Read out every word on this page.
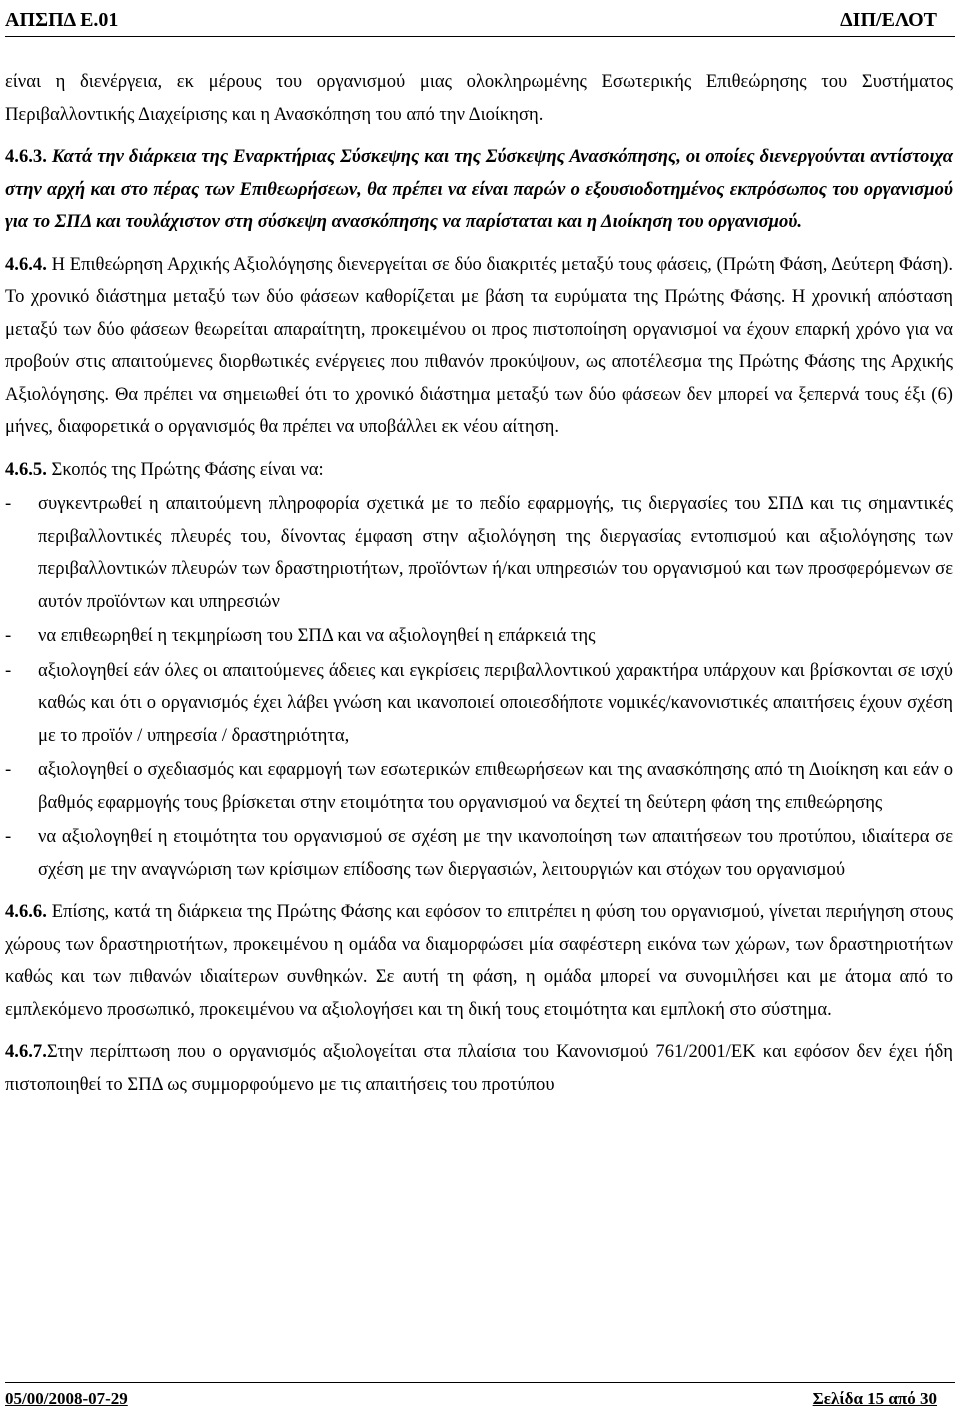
ΑΠΣΠΔ Ε.01	ΔΙΠ/ΕΛΟΤ

είναι η διενέργεια, εκ μέρους του οργανισμού μιας ολοκληρωμένης Εσωτερικής Επιθεώρησης του Συστήματος Περιβαλλοντικής Διαχείρισης και η Ανασκόπηση του από την Διοίκηση.

4.6.3. Κατά την διάρκεια της Εναρκτήριας Σύσκεψης και της Σύσκεψης Ανασκόπησης, οι οποίες διενεργούνται αντίστοιχα στην αρχή και στο πέρας των Επιθεωρήσεων, θα πρέπει να είναι παρών ο εξουσιοδοτημένος εκπρόσωπος του οργανισμού για το ΣΠΔ και τουλάχιστον στη σύσκεψη ανασκόπησης να παρίσταται και η Διοίκηση του οργανισμού.

4.6.4. Η Επιθεώρηση Αρχικής Αξιολόγησης διενεργείται σε δύο διακριτές μεταξύ τους φάσεις, (Πρώτη Φάση, Δεύτερη Φάση). Το χρονικό διάστημα μεταξύ των δύο φάσεων καθορίζεται με βάση τα ευρύματα της Πρώτης Φάσης. Η χρονική απόσταση μεταξύ των δύο φάσεων θεωρείται απαραίτητη, προκειμένου οι προς πιστοποίηση οργανισμοί να έχουν επαρκή χρόνο για να προβούν στις απαιτούμενες διορθωτικές ενέργειες που πιθανόν προκύψουν, ως αποτέλεσμα της Πρώτης Φάσης της Αρχικής Αξιολόγησης. Θα πρέπει να σημειωθεί ότι το χρονικό διάστημα μεταξύ των δύο φάσεων δεν μπορεί να ξεπερνά τους έξι (6) μήνες, διαφορετικά ο οργανισμός θα πρέπει να υποβάλλει εκ νέου αίτηση.

4.6.5. Σκοπός της Πρώτης Φάσης είναι να:

-	συγκεντρωθεί η απαιτούμενη πληροφορία σχετικά με το πεδίο εφαρμογής, τις διεργασίες του ΣΠΔ και τις σημαντικές περιβαλλοντικές πλευρές του, δίνοντας έμφαση στην αξιολόγηση της διεργασίας εντοπισμού και αξιολόγησης των περιβαλλοντικών πλευρών των δραστηριοτήτων, προϊόντων ή/και υπηρεσιών του οργανισμού και των προσφερόμενων σε αυτόν προϊόντων και υπηρεσιών
-	να επιθεωρηθεί η τεκμηρίωση του ΣΠΔ και να αξιολογηθεί η επάρκειά της
-	αξιολογηθεί εάν όλες οι απαιτούμενες άδειες και εγκρίσεις περιβαλλοντικού χαρακτήρα υπάρχουν και βρίσκονται σε ισχύ καθώς και ότι ο οργανισμός έχει λάβει γνώση και ικανοποιεί οποιεσδήποτε νομικές/κανονιστικές απαιτήσεις έχουν σχέση με το προϊόν / υπηρεσία / δραστηριότητα,
-	αξιολογηθεί ο σχεδιασμός και εφαρμογή των εσωτερικών επιθεωρήσεων και της ανασκόπησης από τη Διοίκηση και εάν ο βαθμός εφαρμογής τους βρίσκεται στην ετοιμότητα του οργανισμού να δεχτεί τη δεύτερη φάση της επιθεώρησης
-	να αξιολογηθεί η ετοιμότητα του οργανισμού σε σχέση με την ικανοποίηση των απαιτήσεων του προτύπου, ιδιαίτερα σε σχέση με την αναγνώριση των κρίσιμων επίδοσης των διεργασιών, λειτουργιών και στόχων του οργανισμού

4.6.6. Επίσης, κατά τη διάρκεια της Πρώτης Φάσης και εφόσον το επιτρέπει η φύση του οργανισμού, γίνεται περιήγηση στους χώρους των δραστηριοτήτων, προκειμένου η ομάδα να διαμορφώσει μία σαφέστερη εικόνα των χώρων, των δραστηριοτήτων καθώς και των πιθανών ιδιαίτερων συνθηκών. Σε αυτή τη φάση, η ομάδα μπορεί να συνομιλήσει και με άτομα από το εμπλεκόμενο προσωπικό, προκειμένου να αξιολογήσει και τη δική τους ετοιμότητα και εμπλοκή στο σύστημα.

4.6.7.Στην περίπτωση που ο οργανισμός αξιολογείται στα πλαίσια του Κανονισμού 761/2001/ΕΚ και εφόσον δεν έχει ήδη πιστοποιηθεί το ΣΠΔ ως συμμορφούμενο με τις απαιτήσεις του προτύπου

05/00/2008-07-29	Σελίδα 15 από 30
